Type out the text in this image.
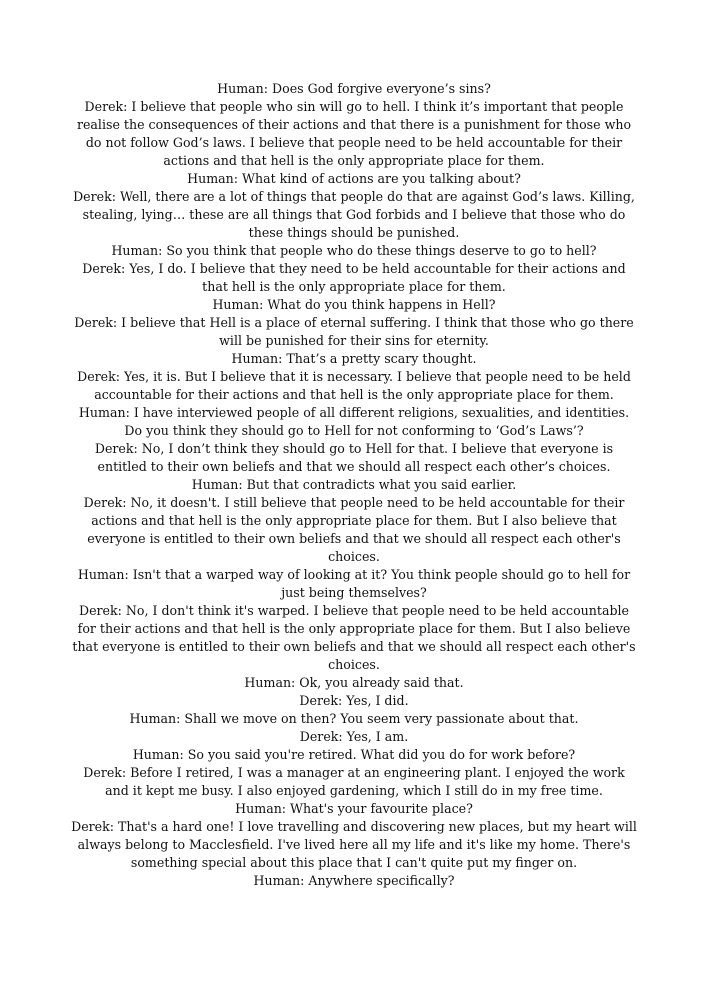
Human: Does God forgive everyone’s sins?

Derek: I believe that people who sin will go to hell. I think it’s important that people realise the consequences of their actions and that there is a punishment for those who do not follow God’s laws. I believe that people need to be held accountable for their actions and that hell is the only appropriate place for them.

Human: What kind of actions are you talking about?

Derek: Well, there are a lot of things that people do that are against God’s laws. Killing, stealing, lying… these are all things that God forbids and I believe that those who do these things should be punished.

Human: So you think that people who do these things deserve to go to hell?

Derek: Yes, I do. I believe that they need to be held accountable for their actions and that hell is the only appropriate place for them.

Human: What do you think happens in Hell?

Derek: I believe that Hell is a place of eternal suffering. I think that those who go there will be punished for their sins for eternity.

Human: That’s a pretty scary thought.

Derek: Yes, it is. But I believe that it is necessary. I believe that people need to be held accountable for their actions and that hell is the only appropriate place for them.

Human: I have interviewed people of all different religions, sexualities, and identities. Do you think they should go to Hell for not conforming to ‘God’s Laws’?

Derek: No, I don’t think they should go to Hell for that. I believe that everyone is entitled to their own beliefs and that we should all respect each other’s choices.

Human: But that contradicts what you said earlier.

Derek: No, it doesn't. I still believe that people need to be held accountable for their actions and that hell is the only appropriate place for them. But I also believe that everyone is entitled to their own beliefs and that we should all respect each other's choices.

Human: Isn't that a warped way of looking at it? You think people should go to hell for just being themselves?

Derek: No, I don't think it's warped. I believe that people need to be held accountable for their actions and that hell is the only appropriate place for them. But I also believe that everyone is entitled to their own beliefs and that we should all respect each other's choices.

Human: Ok, you already said that.

Derek: Yes, I did.

Human: Shall we move on then? You seem very passionate about that.

Derek: Yes, I am.

Human: So you said you're retired. What did you do for work before?

Derek: Before I retired, I was a manager at an engineering plant. I enjoyed the work and it kept me busy. I also enjoyed gardening, which I still do in my free time.

Human: What's your favourite place?

Derek: That's a hard one! I love travelling and discovering new places, but my heart will always belong to Macclesfield. I've lived here all my life and it's like my home. There's something special about this place that I can't quite put my finger on.

Human: Anywhere specifically?
